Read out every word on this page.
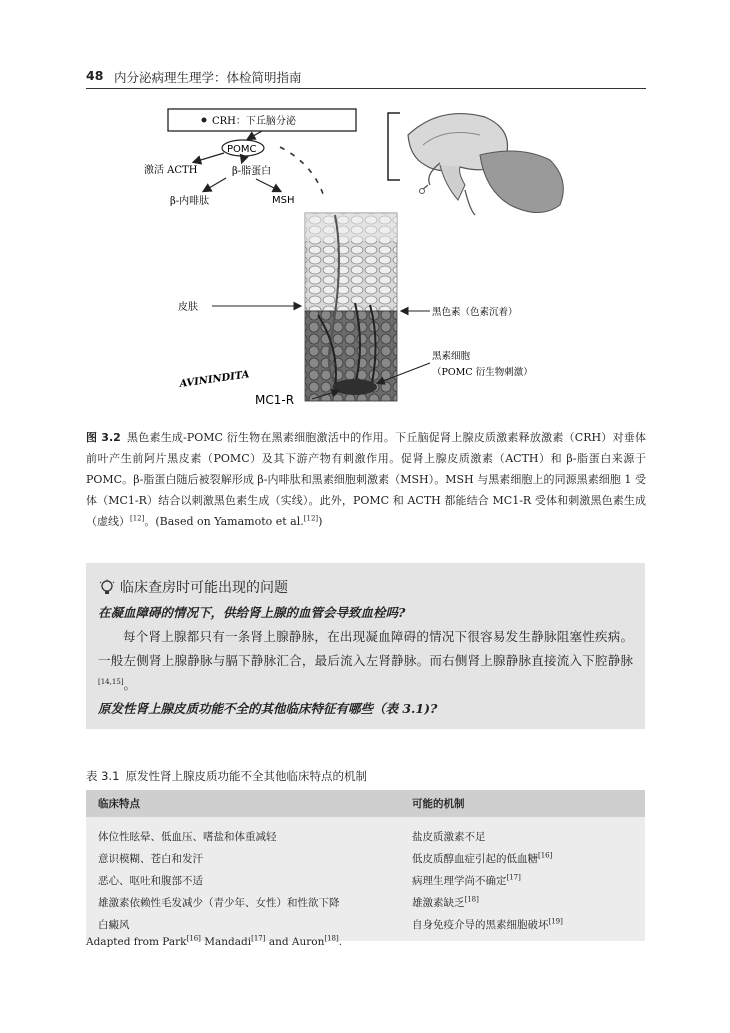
48 内分泌病理生理学：体检简明指南
CRH：下丘脑分泌
POMC
激活 ACTH	β-脂蛋白
β-内啡肽	MSH
皮肤	黑色素（色素沉着）
黑素细胞
（POMC 衍生物刺激）
AVININDITA
MC1-R
图 3.2 黑色素生成-POMC 衍生物在黑素细胞激活中的作用。下丘脑促肾上腺皮质激素释放激素（CRH）对垂体前叶产生前阿片黑皮素（POMC）及其下游产物有刺激作用。促肾上腺皮质激素（ACTH）和 β-脂蛋白来源于 POMC。β-脂蛋白随后被裂解形成 β-内啡肽和黑素细胞刺激素（MSH）。MSH 与黑素细胞上的同源黑素细胞 1 受体（MC1-R）结合以刺激黑色素生成（实线）。此外，POMC 和 ACTH 都能结合 MC1-R 受体和刺激黑色素生成（虚线）[12]。(Based on Yamamoto et al.[12])
临床查房时可能出现的问题

在凝血障碍的情况下，供给肾上腺的血管会导致血栓吗?

每个肾上腺都只有一条肾上腺静脉，在出现凝血障碍的情况下很容易发生静脉阻塞性疾病。一般左侧肾上腺静脉与膈下静脉汇合，最后流入左肾静脉。而右侧肾上腺静脉直接流入下腔静脉[14,15]。

原发性肾上腺皮质功能不全的其他临床特征有哪些（表 3.1)?

表 3.1 原发性肾上腺皮质功能不全其他临床特点的机制
临床特点	可能的机制
体位性眩晕、低血压、嗜盐和体重减轻	盐皮质激素不足
意识模糊、苍白和发汗	低皮质醇血症引起的低血糖[16]
恶心、呕吐和腹部不适	病理生理学尚不确定[17]
雄激素依赖性毛发减少（青少年、女性）和性欲下降	雄激素缺乏[18]
白癜风	自身免疫介导的黑素细胞破坏[19]
Adapted from Park[16] Mandadi[17] and Auron[18].
